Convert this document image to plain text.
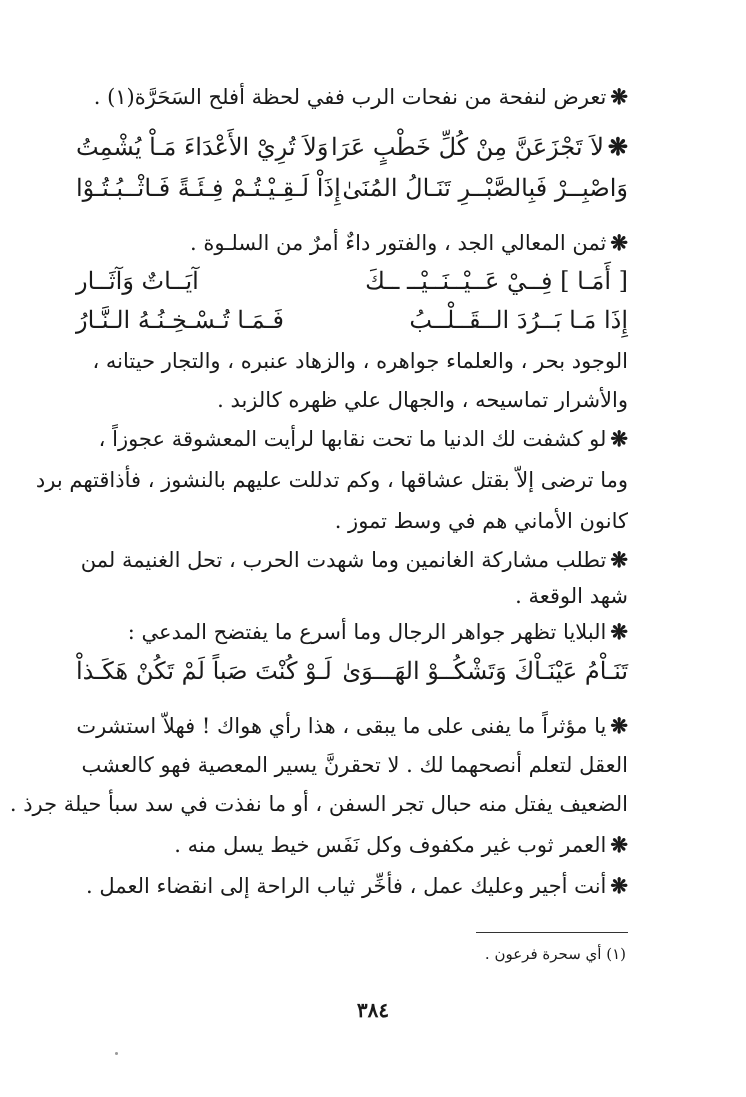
❋تعرض لنفحة من نفحات الرب ففي لحظة أفلح السَحَرَّة(١) .
❋لاَ تَجْزَعَنَّ مِنْ كُلِّ خَطْبٍ عَرَا
وَلاَ تُرِيْ الأَعْدَاءَ مَـاْ يُشْمِتُ
وَاصْبِــرْ فَبِالصَّبْــرِ تَنَـالُ المُنَىٰ
إِذَاْ لَـقِـيْـتُـمْ فِـئَـةً فَـاثْــبُـتُـوْا
❋ثمن المعالي الجد ، والفتور داءٌ أمرٌ من السلـوة .
[ أَمَـا ] فِــيْ عَــيْــنَــيْــ ــكَ
آيَــاتٌ وَآثَــار
إِذَا مَـا بَــرُدَ الــقَــلْــبُ
فَـمَـا تُـسْـخِـنُـهُ الـنَّـارُ
الوجود بحر ، والعلماء جواهره ، والزهاد عنبره ، والتجار حيتانه ،
والأشرار تماسيحه ، والجهال علي ظهره كالزبد .
❋لو كشفت لك الدنيا ما تحت نقابها لرأيت المعشوقة عجوزاً ،
وما ترضى إلاّ بقتل عشاقها ، وكم تدللت عليهم بالنشوز ، فأذاقتهم برد
كانون الأماني هم في وسط تموز .
❋تطلب مشاركة الغانمين وما شهدت الحرب ، تحل الغنيمة لمن
شهد الوقعة .
❋البلايا تظهر جواهر الرجال وما أسرع ما يفتضح المدعي :
تَنَـاْمُ عَيْنَـاْكَ وَتَشْكُــوْ الهَـــوَىٰ
لَـوْ كُنْتَ صَباً لَمْ تَكُنْ هَكَـذاْ
❋يا مؤثراً ما يفنى على ما يبقى ، هذا رأي هواك ! فهلاّ استشرت
العقل لتعلم أنصحهما لك . لا تحقرنَّ يسير المعصية فهو كالعشب
الضعيف يفتل منه حبال تجر السفن ، أو ما نفذت في سد سبأ حيلة جرذ .
❋العمر ثوب غير مكفوف وكل نَفَس خيط يسل منه .
❋أنت أجير وعليك عمل ، فأخِّر ثياب الراحة إلى انقضاء العمل .
(١) أي سحرة فرعون .
٣٨٤
